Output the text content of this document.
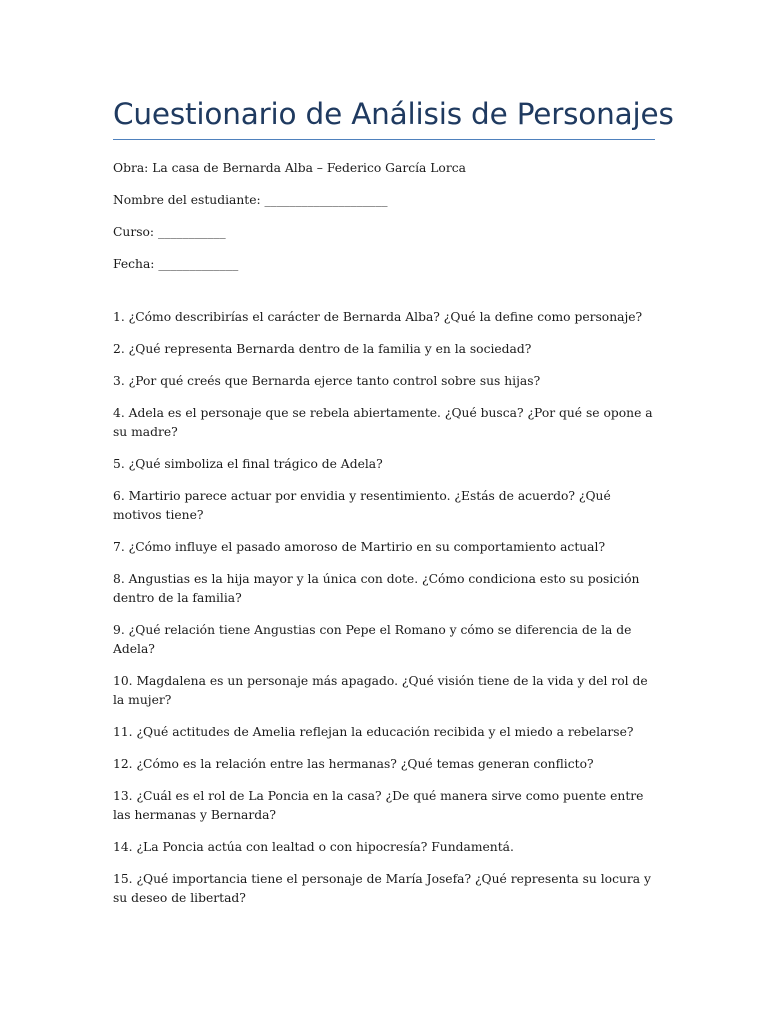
Cuestionario de Análisis de Personajes

Obra: La casa de Bernarda Alba – Federico García Lorca

Nombre del estudiante: ____________________

Curso: ___________

Fecha: _____________

1. ¿Cómo describirías el carácter de Bernarda Alba? ¿Qué la define como personaje?

2. ¿Qué representa Bernarda dentro de la familia y en la sociedad?

3. ¿Por qué creés que Bernarda ejerce tanto control sobre sus hijas?

4. Adela es el personaje que se rebela abiertamente. ¿Qué busca? ¿Por qué se opone a su madre?

5. ¿Qué simboliza el final trágico de Adela?

6. Martirio parece actuar por envidia y resentimiento. ¿Estás de acuerdo? ¿Qué motivos tiene?

7. ¿Cómo influye el pasado amoroso de Martirio en su comportamiento actual?

8. Angustias es la hija mayor y la única con dote. ¿Cómo condiciona esto su posición dentro de la familia?

9. ¿Qué relación tiene Angustias con Pepe el Romano y cómo se diferencia de la de Adela?

10. Magdalena es un personaje más apagado. ¿Qué visión tiene de la vida y del rol de la mujer?

11. ¿Qué actitudes de Amelia reflejan la educación recibida y el miedo a rebelarse?

12. ¿Cómo es la relación entre las hermanas? ¿Qué temas generan conflicto?

13. ¿Cuál es el rol de La Poncia en la casa? ¿De qué manera sirve como puente entre las hermanas y Bernarda?

14. ¿La Poncia actúa con lealtad o con hipocresía? Fundamentá.

15. ¿Qué importancia tiene el personaje de María Josefa? ¿Qué representa su locura y su deseo de libertad?
